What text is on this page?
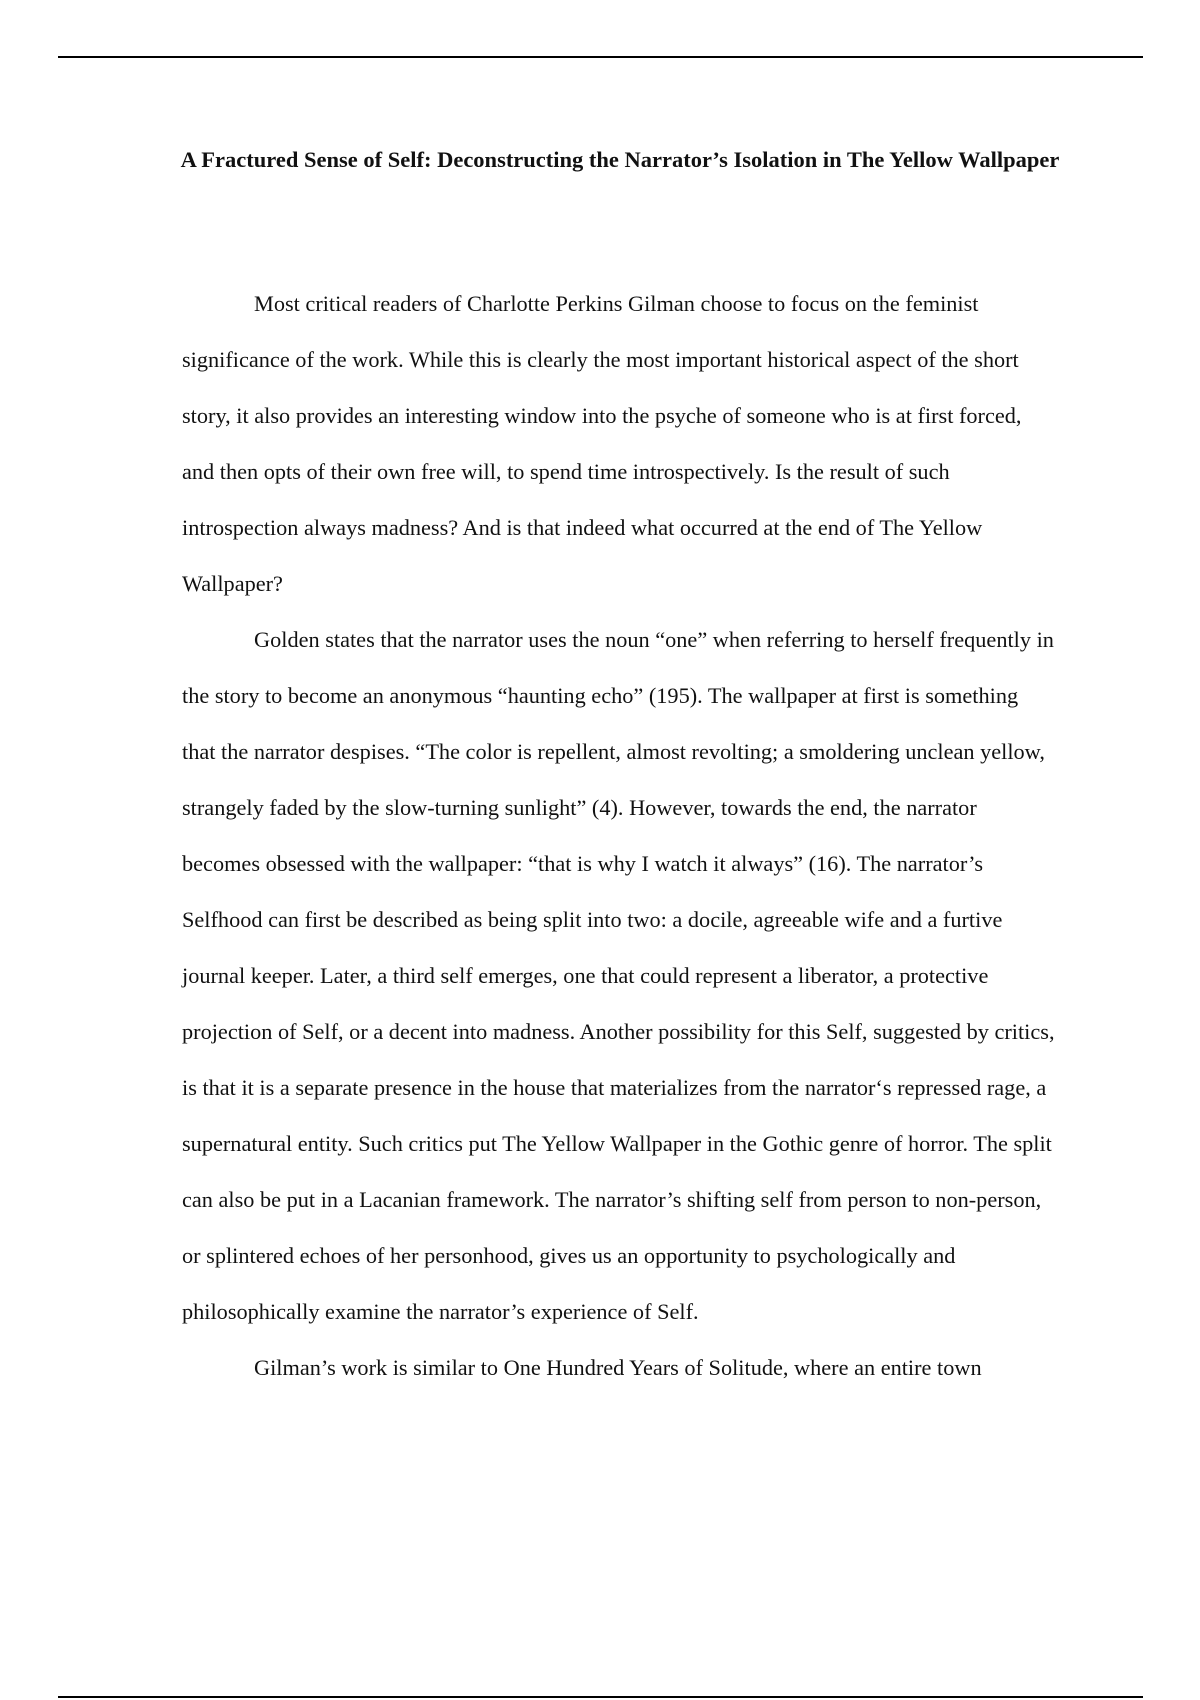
A Fractured Sense of Self: Deconstructing the Narrator’s Isolation in The Yellow Wallpaper

Most critical readers of Charlotte Perkins Gilman choose to focus on the feminist significance of the work. While this is clearly the most important historical aspect of the short story, it also provides an interesting window into the psyche of someone who is at first forced, and then opts of their own free will, to spend time introspectively. Is the result of such introspection always madness? And is that indeed what occurred at the end of The Yellow Wallpaper?

Golden states that the narrator uses the noun “one” when referring to herself frequently in the story to become an anonymous “haunting echo” (195). The wallpaper at first is something that the narrator despises. “The color is repellent, almost revolting; a smoldering unclean yellow, strangely faded by the slow-turning sunlight” (4). However, towards the end, the narrator becomes obsessed with the wallpaper: “that is why I watch it always” (16). The narrator’s Selfhood can first be described as being split into two: a docile, agreeable wife and a furtive journal keeper. Later, a third self emerges, one that could represent a liberator, a protective projection of Self, or a decent into madness. Another possibility for this Self, suggested by critics, is that it is a separate presence in the house that materializes from the narrator‘s repressed rage, a supernatural entity. Such critics put The Yellow Wallpaper in the Gothic genre of horror. The split can also be put in a Lacanian framework. The narrator’s shifting self from person to non-person, or splintered echoes of her personhood, gives us an opportunity to psychologically and philosophically examine the narrator’s experience of Self.

Gilman’s work is similar to One Hundred Years of Solitude, where an entire town
